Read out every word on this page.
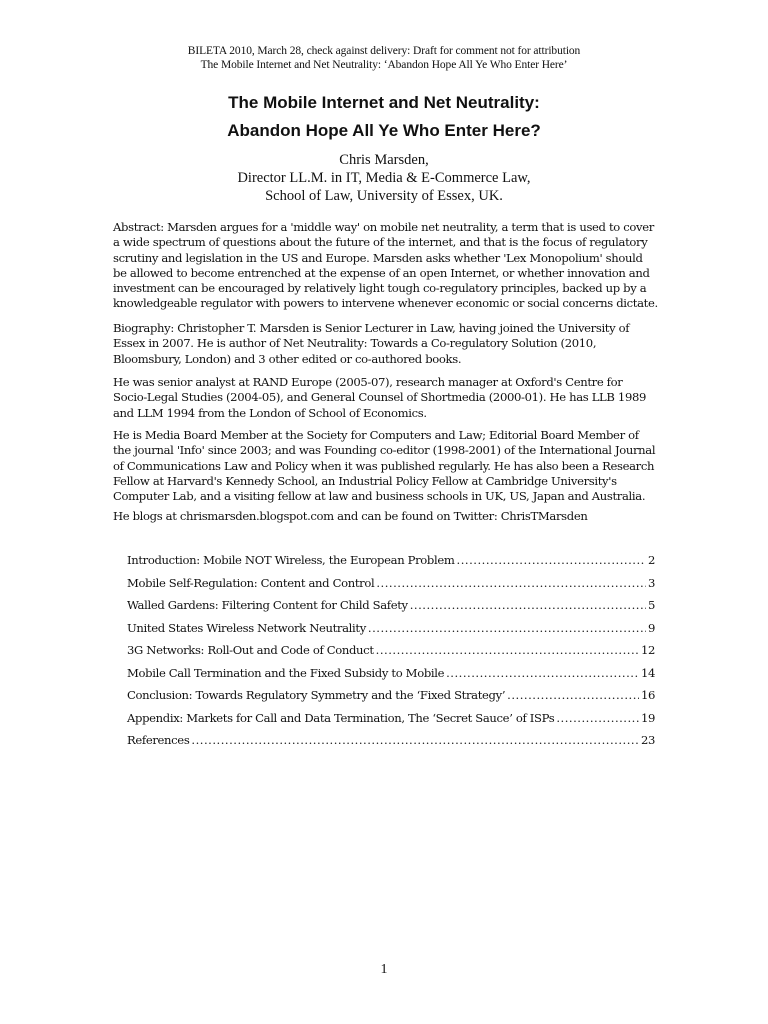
BILETA 2010, March 28, check against delivery: Draft for comment not for attribution
The Mobile Internet and Net Neutrality: ‘Abandon Hope All Ye Who Enter Here’
The Mobile Internet and Net Neutrality:
Abandon Hope All Ye Who Enter Here?
Chris Marsden,
Director LL.M. in IT, Media & E-Commerce Law,
School of Law, University of Essex, UK.

Abstract: Marsden argues for a 'middle way' on mobile net neutrality, a term that is used to cover a wide spectrum of questions about the future of the internet, and that is the focus of regulatory scrutiny and legislation in the US and Europe. Marsden asks whether 'Lex Monopolium' should be allowed to become entrenched at the expense of an open Internet, or whether innovation and investment can be encouraged by relatively light tough co-regulatory principles, backed up by a knowledgeable regulator with powers to intervene whenever economic or social concerns dictate.

Biography: Christopher T. Marsden is Senior Lecturer in Law, having joined the University of Essex in 2007. He is author of Net Neutrality: Towards a Co-regulatory Solution (2010, Bloomsbury, London) and 3 other edited or co-authored books.

He was senior analyst at RAND Europe (2005-07), research manager at Oxford's Centre for Socio-Legal Studies (2004-05), and General Counsel of Shortmedia (2000-01). He has LLB 1989 and LLM 1994 from the London of School of Economics.

He is Media Board Member at the Society for Computers and Law; Editorial Board Member of the journal 'Info' since 2003; and was Founding co-editor (1998-2001) of the International Journal of Communications Law and Policy when it was published regularly. He has also been a Research Fellow at Harvard's Kennedy School, an Industrial Policy Fellow at Cambridge University's Computer Lab, and a visiting fellow at law and business schools in UK, US, Japan and Australia.

He blogs at chrismarsden.blogspot.com and can be found on Twitter: ChrisTMarsden

Introduction: Mobile NOT Wireless, the European Problem .....	2
Mobile Self-Regulation: Content and Control .....	3
Walled Gardens: Filtering Content for Child Safety .....	5
United States Wireless Network Neutrality .....	9
3G Networks: Roll-Out and Code of Conduct .....	12
Mobile Call Termination and the Fixed Subsidy to Mobile .....	14
Conclusion: Towards Regulatory Symmetry and the ‘Fixed Strategy’ .....	16
Appendix: Markets for Call and Data Termination, The ‘Secret Sauce’ of ISPs .....	19
References .....	23
1
